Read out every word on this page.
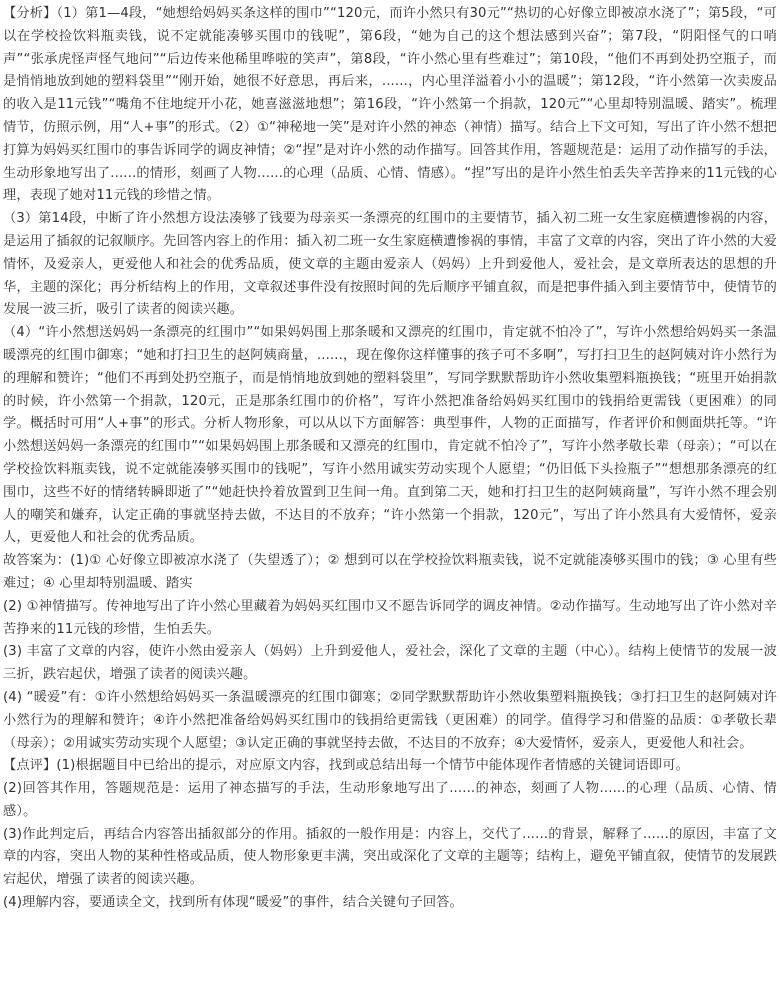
【分析】（1）第1—4段，“她想给妈妈买条这样的围巾”“120元，而许小然只有30元”“热切的心好像立即被凉水浇了”；第5段，“可以在学校捡饮料瓶卖钱，说不定就能凑够买围巾的钱呢”，第6段，“她为自己的这个想法感到兴奋”；第7段，“阴阳怪气的口哨声”“张承虎怪声怪气地问”“后边传来他稀里哗啦的笑声”，第8段，“许小然心里有些难过”；第10段，“他们不再到处扔空瓶子，而是悄悄地放到她的塑料袋里”“刚开始，她很不好意思，再后来，......，内心里洋溢着小小的温暖”；第12段，“许小然第一次卖废品的收入是11元钱”“嘴角不住地绽开小花，她喜滋滋地想”；第16段，“许小然第一个捐款，120元”“心里却特别温暖、踏实”。梳理情节，仿照示例，用“人+事”的形式。（2）①“神秘地一笑”是对许小然的神态（神情）描写。结合上下文可知，写出了许小然不想把打算为妈妈买红围巾的事告诉同学的调皮神情；②“捏”是对许小然的动作描写。回答其作用，答题规范是：运用了动作描写的手法，生动形象地写出了......的情形，刻画了人物......的心理（品质、心情、情感）。“捏”写出的是许小然生怕丢失辛苦挣来的11元钱的心理，表现了她对11元钱的珍惜之情。

（3）第14段，中断了许小然想方设法凑够了钱要为母亲买一条漂亮的红围巾的主要情节，插入初二班一女生家庭横遭惨祸的内容，是运用了插叙的记叙顺序。先回答内容上的作用：插入初二班一女生家庭横遭惨祸的事情，丰富了文章的内容，突出了许小然的大爱情怀，及爱亲人，更爱他人和社会的优秀品质，使文章的主题由爱亲人（妈妈）上升到爱他人，爱社会，是文章所表达的思想的升华，主题的深化；再分析结构上的作用，文章叙述事件没有按照时间的先后顺序平铺直叙，而是把事件插入到主要情节中，使情节的发展一波三折，吸引了读者的阅读兴趣。

（4）“许小然想送妈妈一条漂亮的红围巾”“如果妈妈围上那条暖和又漂亮的红围巾，肯定就不怕冷了”，写许小然想给妈妈买一条温暖漂亮的红围巾御寒；“她和打扫卫生的赵阿姨商量，......，现在像你这样懂事的孩子可不多啊”，写打扫卫生的赵阿姨对许小然行为的理解和赞许；“他们不再到处扔空瓶子，而是悄悄地放到她的塑料袋里”，写同学默默帮助许小然收集塑料瓶换钱；“班里开始捐款的时候，许小然第一个捐款，120元，正是那条红围巾的价格”，写许小然把准备给妈妈买红围巾的钱捐给更需钱（更困难）的同学。概括时可用“人+事”的形式。分析人物形象，可以从以下方面解答：典型事件，人物的正面描写，作者评价和侧面烘托等。“许小然想送妈妈一条漂亮的红围巾”“如果妈妈围上那条暖和又漂亮的红围巾，肯定就不怕冷了”，写许小然孝敬长辈（母亲）；“可以在学校捡饮料瓶卖钱，说不定就能凑够买围巾的钱呢”，写许小然用诚实劳动实现个人愿望；“仍旧低下头捡瓶子”“想想那条漂亮的红围巾，这些不好的情绪转瞬即逝了”“她赶快拎着放置到卫生间一角。直到第二天，她和打扫卫生的赵阿姨商量”，写许小然不理会别人的嘲笑和嫌弃，认定正确的事就坚持去做，不达目的不放弃；“许小然第一个捐款，120元”，写出了许小然具有大爱情怀，爱亲人，更爱他人和社会的优秀品质。

故答案为：(1)① 心好像立即被凉水浇了（失望透了）；② 想到可以在学校捡饮料瓶卖钱，说不定就能凑够买围巾的钱；③ 心里有些难过；④ 心里却特别温暖、踏实

(2) ①神情描写。传神地写出了许小然心里藏着为妈妈买红围巾又不愿告诉同学的调皮神情。②动作描写。生动地写出了许小然对辛苦挣来的11元钱的珍惜，生怕丢失。

(3) 丰富了文章的内容，使许小然由爱亲人（妈妈）上升到爱他人，爱社会，深化了文章的主题（中心）。结构上使情节的发展一波三折，跌宕起伏，增强了读者的阅读兴趣。

(4) “暖爱”有：①许小然想给妈妈买一条温暖漂亮的红围巾御寒；②同学默默帮助许小然收集塑料瓶换钱；③打扫卫生的赵阿姨对许小然行为的理解和赞许；④许小然把准备给妈妈买红围巾的钱捐给更需钱（更困难）的同学。值得学习和借鉴的品质：①孝敬长辈（母亲）；②用诚实劳动实现个人愿望；③认定正确的事就坚持去做，不达目的不放弃；④大爱情怀，爱亲人，更爱他人和社会。

【点评】(1)根据题目中已给出的提示，对应原文内容，找到或总结出每一个情节中能体现作者情感的关键词语即可。

(2)回答其作用，答题规范是：运用了神态描写的手法，生动形象地写出了......的神态，刻画了人物......的心理（品质、心情、情感）。

(3)作此判定后，再结合内容答出插叙部分的作用。插叙的一般作用是：内容上，交代了......的背景，解释了......的原因，丰富了文章的内容，突出人物的某种性格或品质，使人物形象更丰满，突出或深化了文章的主题等；结构上，避免平铺直叙，使情节的发展跌宕起伏，增强了读者的阅读兴趣。

(4)理解内容，要通读全文，找到所有体现“暖爱”的事件，结合关键句子回答。
